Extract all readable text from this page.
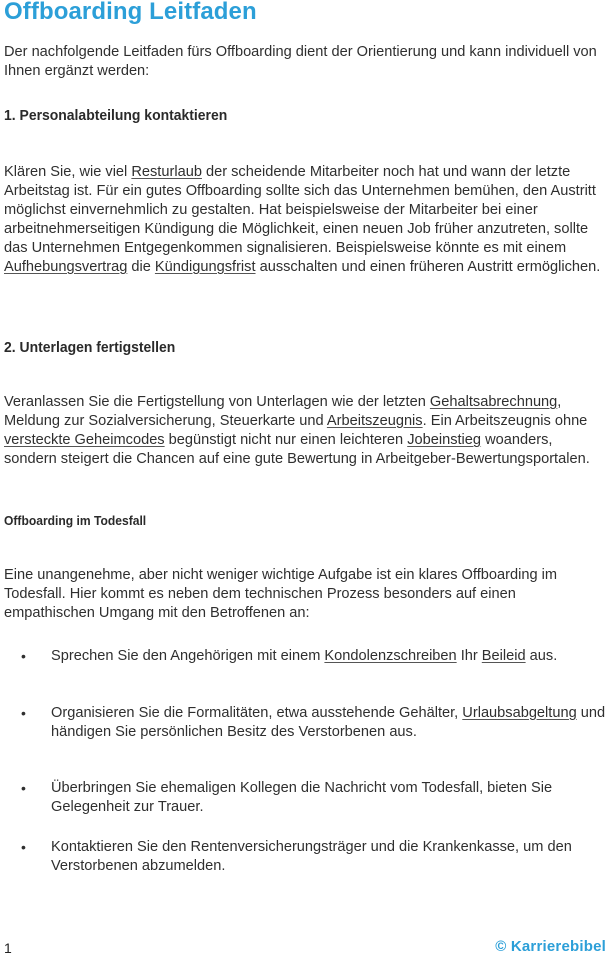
Offboarding Leitfaden

Der nachfolgende Leitfaden fürs Offboarding dient der Orientierung und kann individuell von Ihnen ergänzt werden:

1. Personalabteilung kontaktieren

Klären Sie, wie viel Resturlaub der scheidende Mitarbeiter noch hat und wann der letzte Arbeitstag ist. Für ein gutes Offboarding sollte sich das Unternehmen bemühen, den Austritt möglichst einvernehmlich zu gestalten. Hat beispielsweise der Mitarbeiter bei einer arbeitnehmerseitigen Kündigung die Möglichkeit, einen neuen Job früher anzutreten, sollte das Unternehmen Entgegenkommen signalisieren. Beispielsweise könnte es mit einem Aufhebungsvertrag die Kündigungsfrist ausschalten und einen früheren Austritt ermöglichen.

2. Unterlagen fertigstellen

Veranlassen Sie die Fertigstellung von Unterlagen wie der letzten Gehaltsabrechnung, Meldung zur Sozialversicherung, Steuerkarte und Arbeitszeugnis. Ein Arbeitszeugnis ohne versteckte Geheimcodes begünstigt nicht nur einen leichteren Jobeinstieg woanders, sondern steigert die Chancen auf eine gute Bewertung in Arbeitgeber-Bewertungsportalen.

Offboarding im Todesfall

Eine unangenehme, aber nicht weniger wichtige Aufgabe ist ein klares Offboarding im Todesfall. Hier kommt es neben dem technischen Prozess besonders auf einen empathischen Umgang mit den Betroffenen an:

• Sprechen Sie den Angehörigen mit einem Kondolenzschreiben Ihr Beileid aus.

• Organisieren Sie die Formalitäten, etwa ausstehende Gehälter, Urlaubsabgeltung und händigen Sie persönlichen Besitz des Verstorbenen aus.

• Überbringen Sie ehemaligen Kollegen die Nachricht vom Todesfall, bieten Sie Gelegenheit zur Trauer.

• Kontaktieren Sie den Rentenversicherungsträger und die Krankenkasse, um den Verstorbenen abzumelden.

1	© Karrierebibel
